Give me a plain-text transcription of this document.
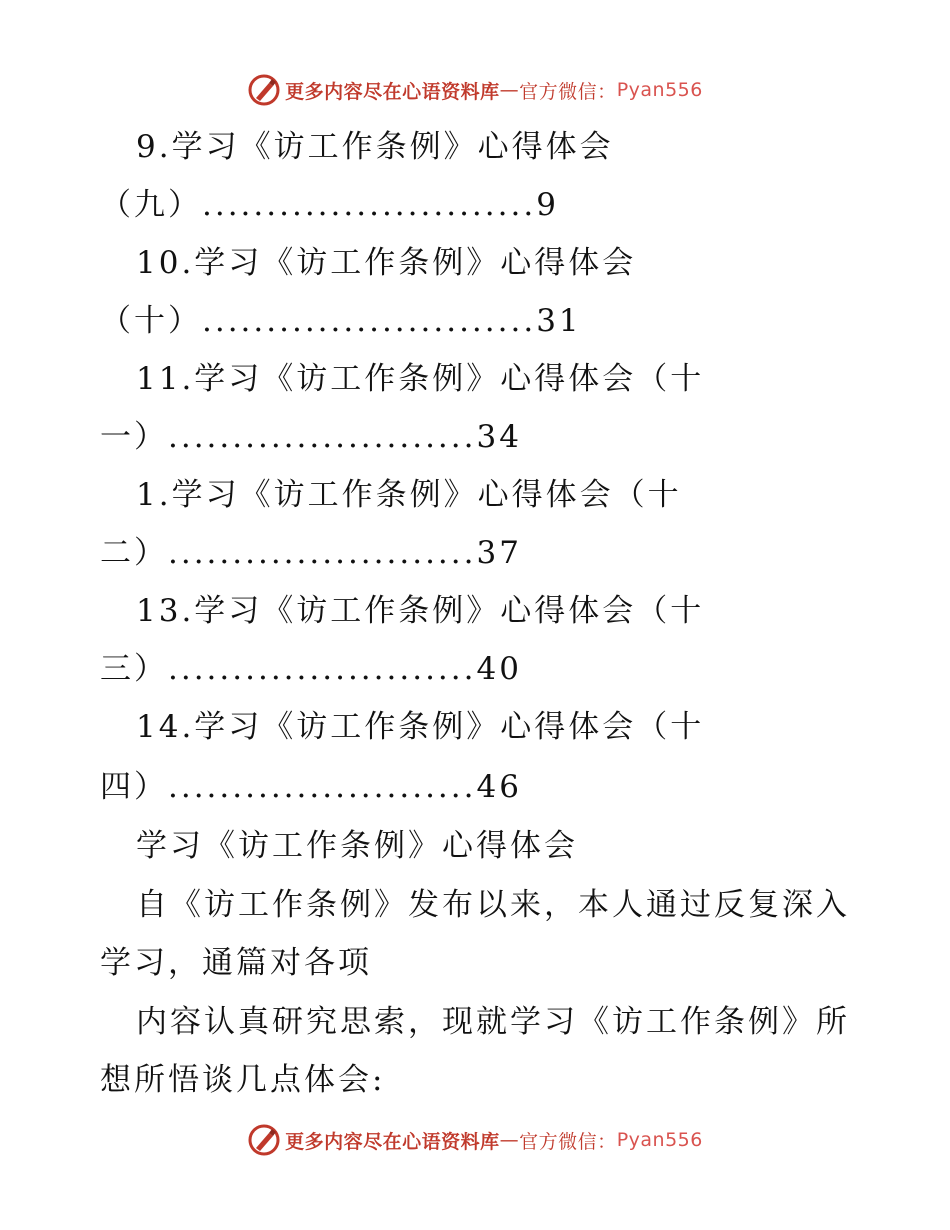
更多内容尽在心语资料库 — 官方微信： Pyan556
9.学习《访工作条例》心得体会
（九）..........................9
10.学习《访工作条例》心得体会
（十）..........................31
11.学习《访工作条例》心得体会（十
一）........................34
1.学习《访工作条例》心得体会（十
二）........................37
13.学习《访工作条例》心得体会（十
三）........................40
14.学习《访工作条例》心得体会（十
四）........................46
学习《访工作条例》心得体会
自《访工作条例》发布以来，本人通过反复深入
学习，通篇对各项
内容认真研究思索，现就学习《访工作条例》所
想所悟谈几点体会:
更多内容尽在心语资料库 — 官方微信： Pyan556
